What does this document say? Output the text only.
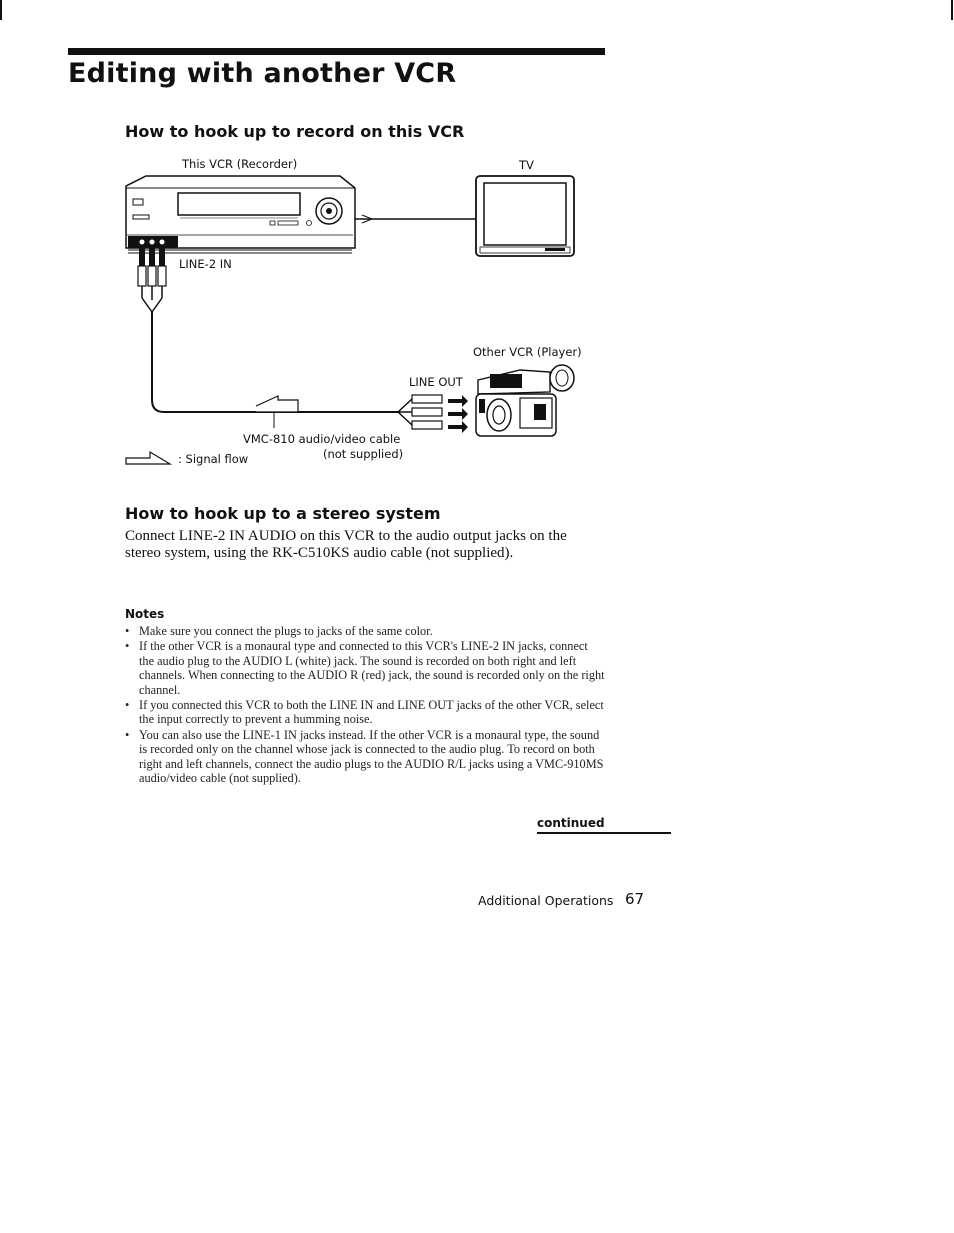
Editing with another VCR
How to hook up to record on this VCR
This VCR (Recorder)	TV
LINE-2 IN
Other VCR (Player)
LINE OUT
VMC-810 audio/video cable
(not supplied)
: Signal flow
How to hook up to a stereo system
Connect LINE-2 IN AUDIO on this VCR to the audio output jacks on the stereo system, using the RK-C510KS audio cable (not supplied).
Notes
• Make sure you connect the plugs to jacks of the same color.
• If the other VCR is a monaural type and connected to this VCR's LINE-2 IN jacks, connect the audio plug to the AUDIO L (white) jack. The sound is recorded on both right and left channels. When connecting to the AUDIO R (red) jack, the sound is recorded only on the right channel.
• If you connected this VCR to both the LINE IN and LINE OUT jacks of the other VCR, select the input correctly to prevent a humming noise.
• You can also use the LINE-1 IN jacks instead. If the other VCR is a monaural type, the sound is recorded only on the channel whose jack is connected to the audio plug. To record on both right and left channels, connect the audio plugs to the AUDIO R/L jacks using a VMC-910MS audio/video cable (not supplied).
continued
Additional Operations 67
